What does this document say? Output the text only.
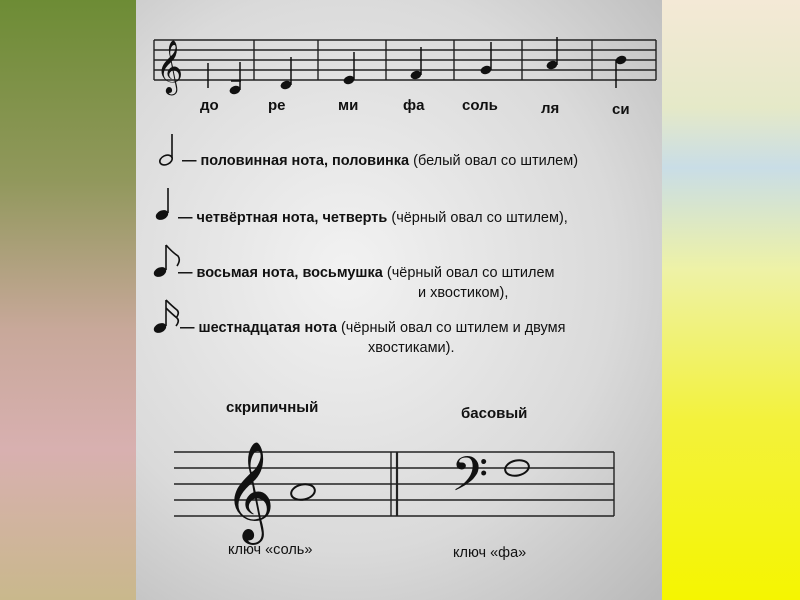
𝄞
𝄞	𝄢
до	ре	ми	фа	соль	ля	си
— половинная нота, половинка (белый овал со штилем)
— четвёртная нота, четверть (чёрный овал со штилем),
— восьмая нота, восьмушка (чёрный овал со штилем
и хвостиком),
— шестнадцатая нота (чёрный овал со штилем и двумя
хвостиками).
скрипичный	басовый
ключ «соль»	ключ «фа»
